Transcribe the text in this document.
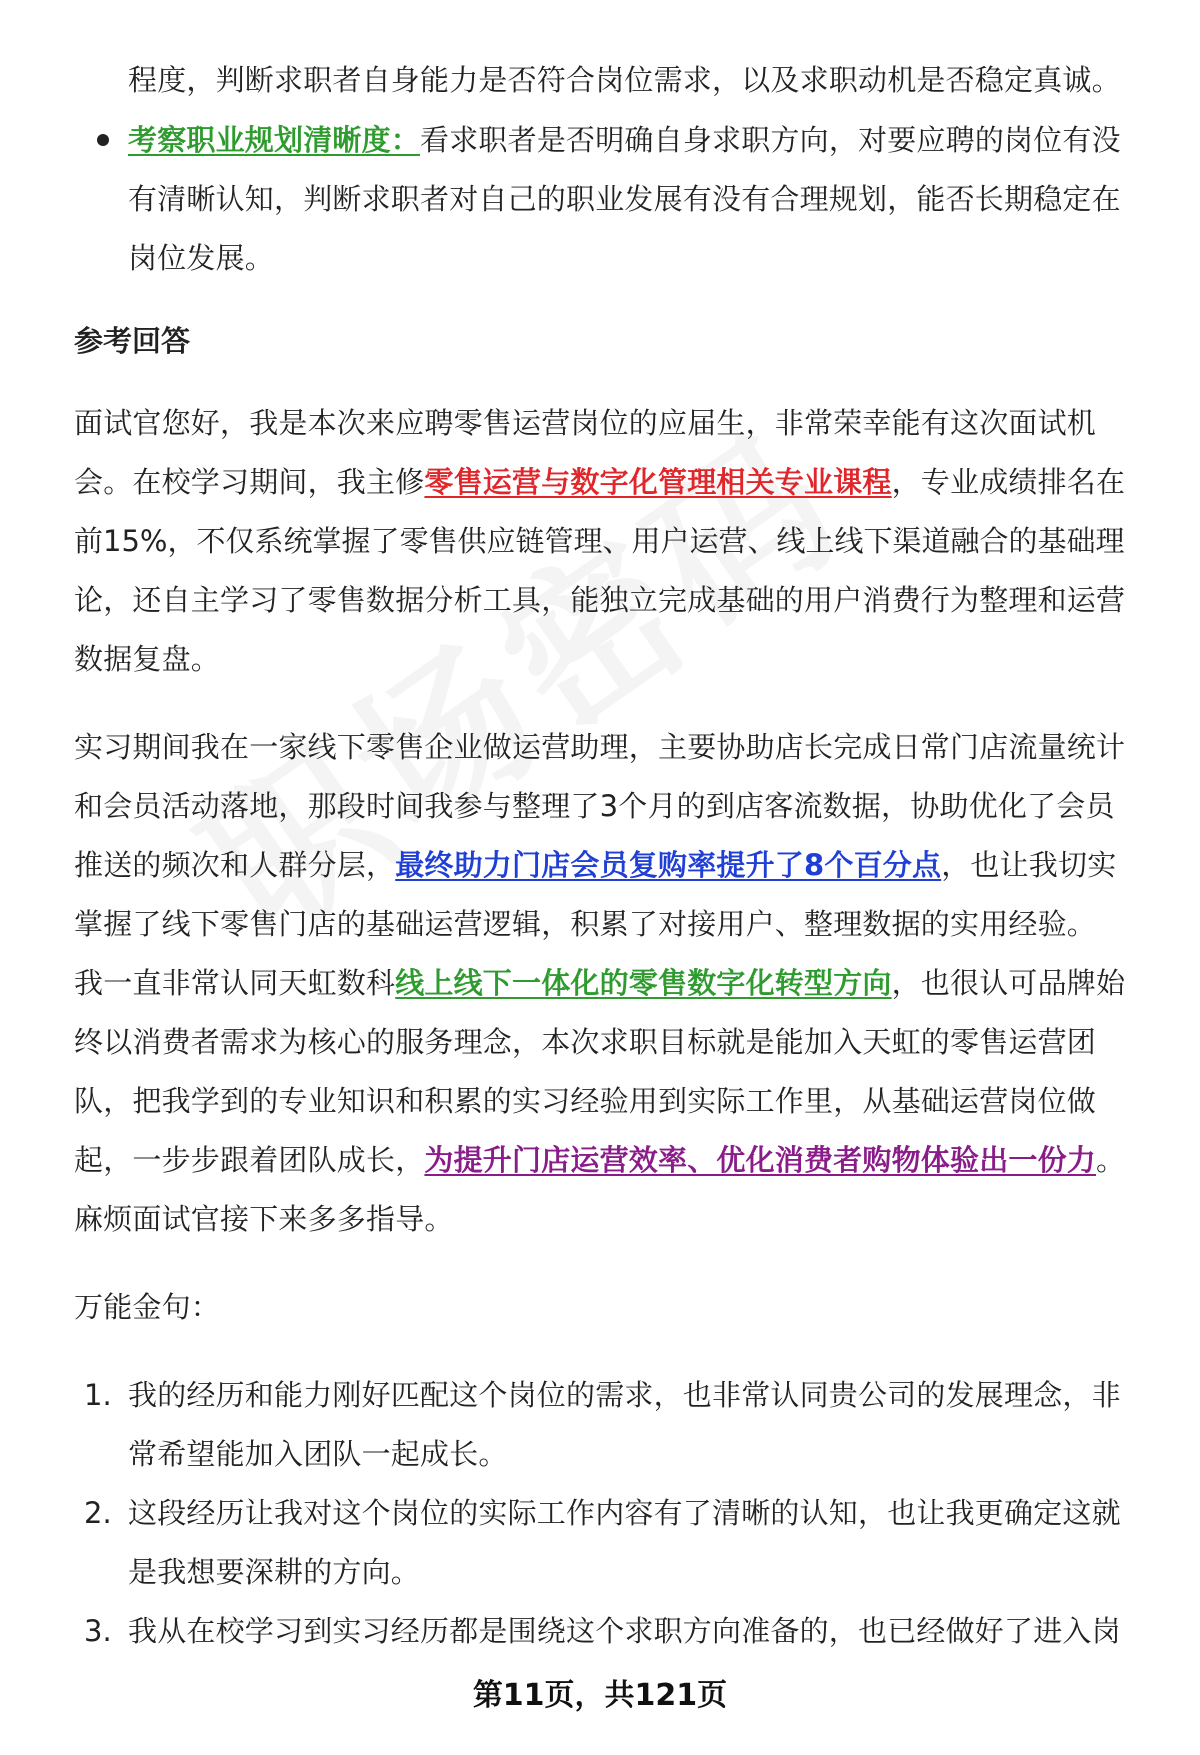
程度，判断求职者自身能力是否符合岗位需求，以及求职动机是否稳定真诚。
考察职业规划清晰度：看求职者是否明确自身求职方向，对要应聘的岗位有没
有清晰认知，判断求职者对自己的职业发展有没有合理规划，能否长期稳定在
岗位发展。
参考回答
面试官您好，我是本次来应聘零售运营岗位的应届生，非常荣幸能有这次面试机
会。在校学习期间，我主修零售运营与数字化管理相关专业课程，专业成绩排名在
前15%，不仅系统掌握了零售供应链管理、用户运营、线上线下渠道融合的基础理
论，还自主学习了零售数据分析工具，能独立完成基础的用户消费行为整理和运营
数据复盘。
实习期间我在一家线下零售企业做运营助理，主要协助店长完成日常门店流量统计
和会员活动落地，那段时间我参与整理了3个月的到店客流数据，协助优化了会员
推送的频次和人群分层，最终助力门店会员复购率提升了8个百分点，也让我切实
掌握了线下零售门店的基础运营逻辑，积累了对接用户、整理数据的实用经验。
我一直非常认同天虹数科线上线下一体化的零售数字化转型方向，也很认可品牌始
终以消费者需求为核心的服务理念，本次求职目标就是能加入天虹的零售运营团
队，把我学到的专业知识和积累的实习经验用到实际工作里，从基础运营岗位做
起，一步步跟着团队成长，为提升门店运营效率、优化消费者购物体验出一份力。
麻烦面试官接下来多多指导。
万能金句：
1. 我的经历和能力刚好匹配这个岗位的需求，也非常认同贵公司的发展理念，非
常希望能加入团队一起成长。
2. 这段经历让我对这个岗位的实际工作内容有了清晰的认知，也让我更确定这就
是我想要深耕的方向。
3. 我从在校学习到实习经历都是围绕这个求职方向准备的，也已经做好了进入岗
第11页，共121页
